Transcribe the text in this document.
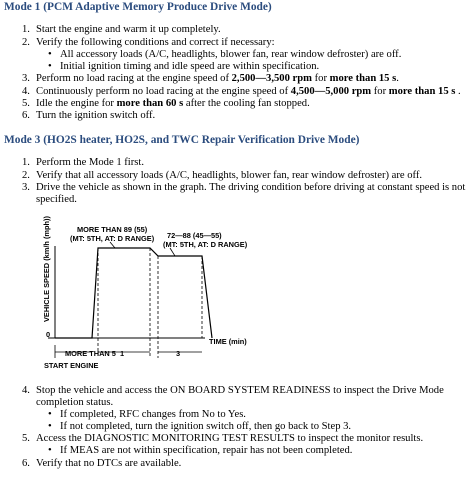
Mode 1 (PCM Adaptive Memory Produce Drive Mode)
1. Start the engine and warm it up completely.
2. Verify the following conditions and correct if necessary:
• All accessory loads (A/C, headlights, blower fan, rear window defroster) are off.
• Initial ignition timing and idle speed are within specification.
3. Perform no load racing at the engine speed of 2,500—3,500 rpm for more than 15 s.
4. Continuously perform no load racing at the engine speed of 4,500—5,000 rpm for more than 15 s .
5. Idle the engine for more than 60 s after the cooling fan stopped.
6. Turn the ignition switch off.
Mode 3 (HO2S heater, HO2S, and TWC Repair Verification Drive Mode)
1. Perform the Mode 1 first.
2. Verify that all accessory loads (A/C, headlights, blower fan, rear window defroster) are off.
3. Drive the vehicle as shown in the graph. The driving condition before driving at constant speed is not
specified.
VEHICLE SPEED (km/h (mph))
0
TIME (min)
MORE THAN 89 (55)
(MT: 5TH, AT: D RANGE) 72—88 (45—55)
(MT: 5TH, AT: D RANGE)
MORE THAN 5 1	3
START ENGINE
4. Stop the vehicle and access the ON BOARD SYSTEM READINESS to inspect the Drive Mode
completion status.
• If completed, RFC changes from No to Yes.
• If not completed, turn the ignition switch off, then go back to Step 3.
5. Access the DIAGNOSTIC MONITORING TEST RESULTS to inspect the monitor results.
• If MEAS are not within specification, repair has not been completed.
6. Verify that no DTCs are available.
